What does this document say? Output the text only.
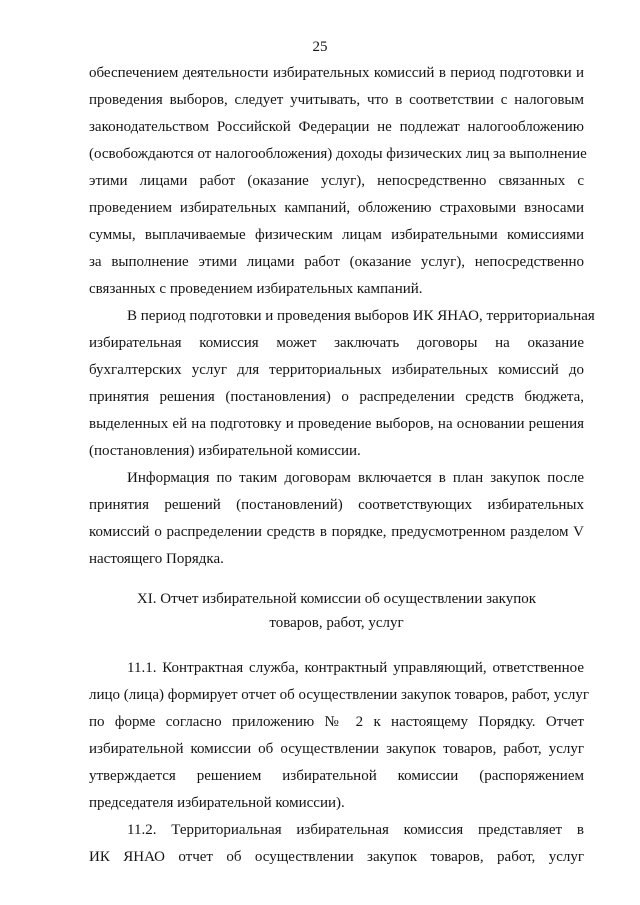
25
обеспечением деятельности избирательных комиссий в период подготовки и
проведения выборов, следует учитывать, что в соответствии с налоговым
законодательством Российской Федерации не подлежат налогообложению
(освобождаются от налогообложения) доходы физических лиц за выполнение
этими лицами работ (оказание услуг), непосредственно связанных с
проведением избирательных кампаний, обложению страховыми взносами
суммы, выплачиваемые физическим лицам избирательными комиссиями
за выполнение этими лицами работ (оказание услуг), непосредственно
связанных с проведением избирательных кампаний.
В период подготовки и проведения выборов ИК ЯНАО, территориальная
избирательная комиссия может заключать договоры на оказание
бухгалтерских услуг для территориальных избирательных комиссий до
принятия решения (постановления) о распределении средств бюджета,
выделенных ей на подготовку и проведение выборов, на основании решения
(постановления) избирательной комиссии.
Информация по таким договорам включается в план закупок после
принятия решений (постановлений) соответствующих избирательных
комиссий о распределении средств в порядке, предусмотренном разделом V
настоящего Порядка.
XI. Отчет избирательной комиссии об осуществлении закупок
товаров, работ, услуг
11.1. Контрактная служба, контрактный управляющий, ответственное
лицо (лица) формирует отчет об осуществлении закупок товаров, работ, услуг
по форме согласно приложению № 2 к настоящему Порядку. Отчет
избирательной комиссии об осуществлении закупок товаров, работ, услуг
утверждается решением избирательной комиссии (распоряжением
председателя избирательной комиссии).
11.2. Территориальная избирательная комиссия представляет в
ИК ЯНАО отчет об осуществлении закупок товаров, работ, услуг
